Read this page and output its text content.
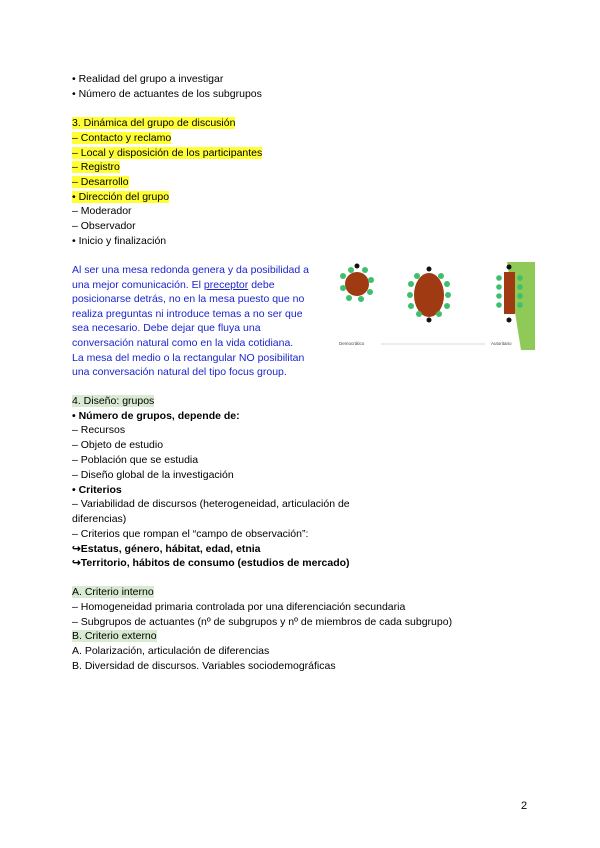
• Realidad del grupo a investigar
• Número de actuantes de los subgrupos
3. Dinámica del grupo de discusión
– Contacto y reclamo
– Local y disposición de los participantes
– Registro
– Desarrollo
• Dirección del grupo
– Moderador
– Observador
• Inicio y finalización
Al ser una mesa redonda genera y da posibilidad a
una mejor comunicación. El preceptor debe
posicionarse detrás, no en la mesa puesto que no
realiza preguntas ni introduce temas a no ser que
sea necesario. Debe dejar que fluya una
conversación natural como en la vida cotidiana.
La mesa del medio o la rectangular NO posibilitan
una conversación natural del tipo focus group.
Democrático	Autoritario
4. Diseño: grupos
• Número de grupos, depende de:
– Recursos
– Objeto de estudio
– Población que se estudia
– Diseño global de la investigación
• Criterios
– Variabilidad de discursos (heterogeneidad, articulación de
diferencias)
– Criterios que rompan el “campo de observación”:
↪Estatus, género, hábitat, edad, etnia
↪Territorio, hábitos de consumo (estudios de mercado)
A. Criterio interno
– Homogeneidad primaria controlada por una diferenciación secundaria
– Subgrupos de actuantes (nº de subgrupos y nº de miembros de cada subgrupo)
B. Criterio externo
A. Polarización, articulación de diferencias
B. Diversidad de discursos. Variables sociodemográficas
2
